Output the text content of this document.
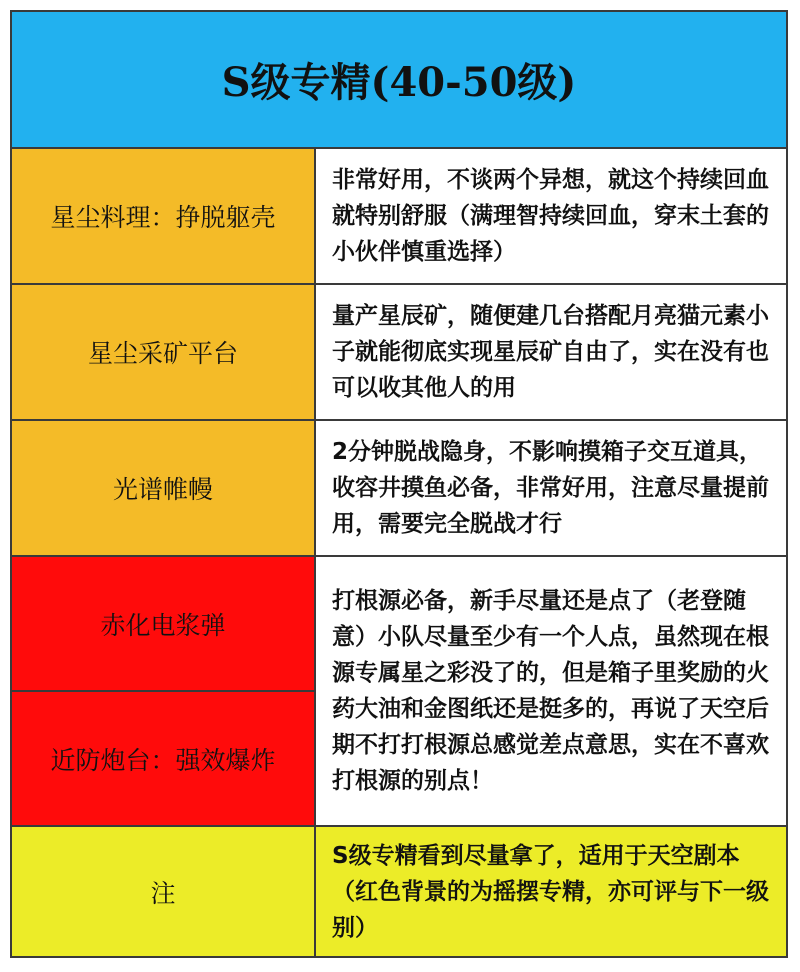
S级专精(40-50级)
星尘料理：挣脱躯壳
非常好用，不谈两个异想，就这个持续回血就特别舒服（满理智持续回血，穿末土套的小伙伴慎重选择）
星尘采矿平台
量产星辰矿，随便建几台搭配月亮猫元素小子就能彻底实现星辰矿自由了，实在没有也可以收其他人的用
光谱帷幔
2分钟脱战隐身，不影响摸箱子交互道具，收容井摸鱼必备，非常好用，注意尽量提前用，需要完全脱战才行
赤化电浆弹
近防炮台：强效爆炸
打根源必备，新手尽量还是点了（老登随意）小队尽量至少有一个人点，虽然现在根源专属星之彩没了的，但是箱子里奖励的火药大油和金图纸还是挺多的，再说了天空后期不打打根源总感觉差点意思，实在不喜欢打根源的别点！
注
S级专精看到尽量拿了，适用于天空剧本（红色背景的为摇摆专精，亦可评与下一级别）
